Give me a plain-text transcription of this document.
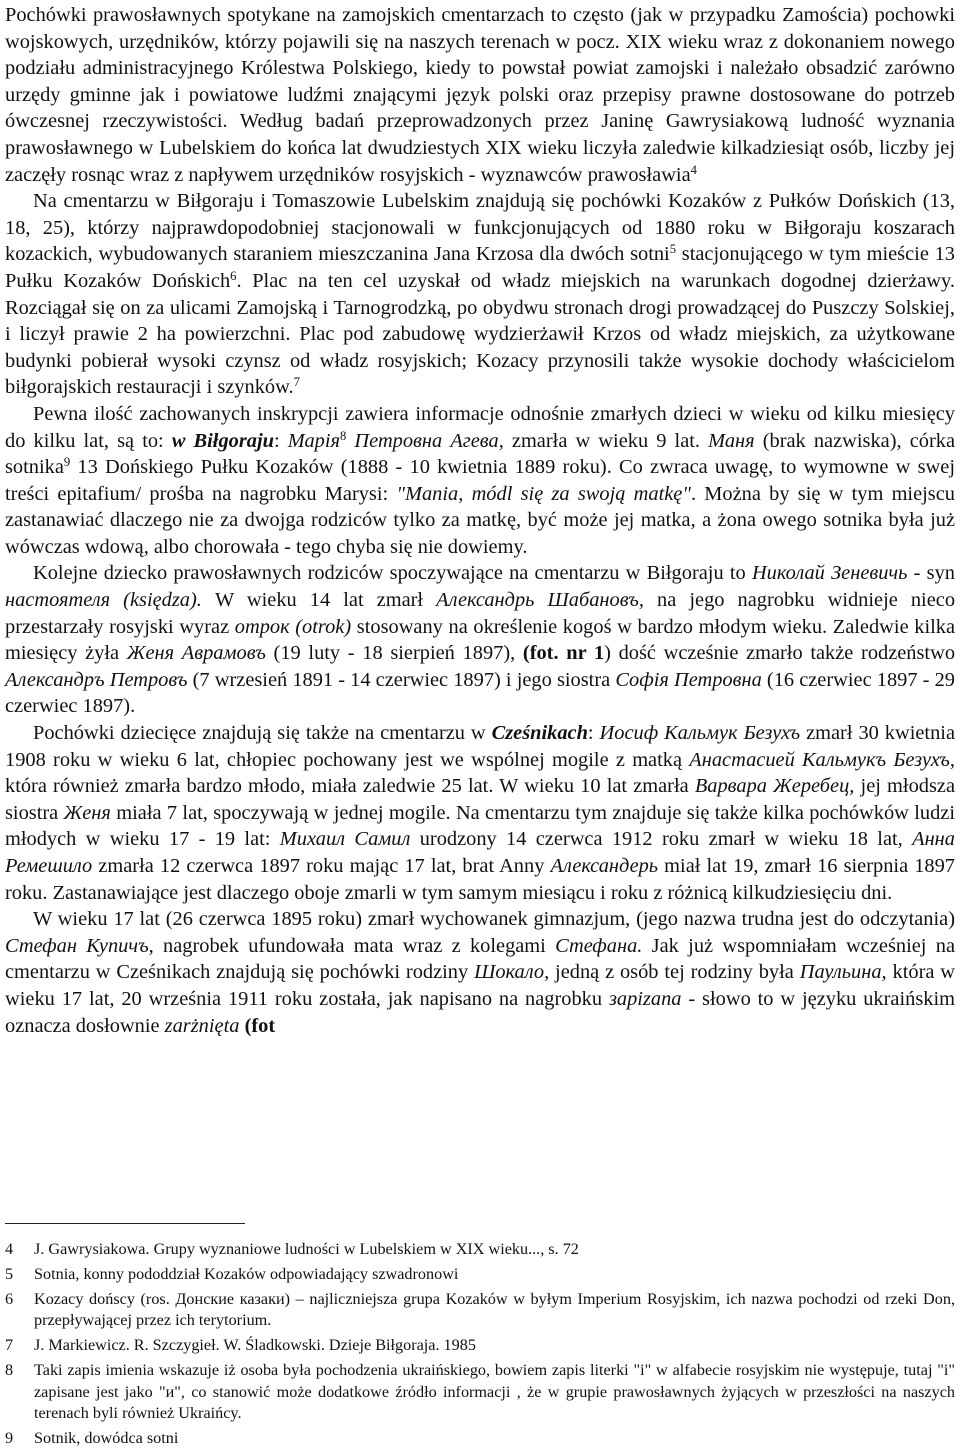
Pochówki prawosławnych spotykane na zamojskich cmentarzach to często (jak w przypadku Zamościa) pochowki wojskowych, urzędników, którzy pojawili się na naszych terenach w pocz. XIX wieku wraz z dokonaniem nowego podziału administracyjnego Królestwa Polskiego, kiedy to powstał powiat zamojski i należało obsadzić zarówno urzędy gminne jak i powiatowe ludźmi znającymi język polski oraz przepisy prawne dostosowane do potrzeb ówczesnej rzeczywistości. Według badań przeprowadzonych przez Janinę Gawrysiakową ludność wyznania prawosławnego w Lubelskiem do końca lat dwudziestych XIX wieku liczyła zaledwie kilkadziesiąt osób, liczby jej zaczęły rosnąc wraz z napływem urzędników rosyjskich - wyznawców prawosławia$^4$

Na cmentarzu w Biłgoraju i Tomaszowie Lubelskim znajdują się pochówki Kozaków z Pułków Dońskich (13, 18, 25), którzy najprawdopodobniej stacjonowali w funkcjonujących od 1880 roku w Biłgoraju koszarach kozackich, wybudowanych staraniem mieszczanina Jana Krzosa dla dwóch sotni$^5$ stacjonującego w tym mieście 13 Pułku Kozaków Dońskich$^6$. Plac na ten cel uzyskał od władz miejskich na warunkach dogodnej dzierżawy. Rozciągał się on za ulicami Zamojską i Tarnogrodzką, po obydwu stronach drogi prowadzącej do Puszczy Solskiej, i liczył prawie 2 ha powierzchni. Plac pod zabudowę wydzierżawił Krzos od władz miejskich, za użytkowane budynki pobierał wysoki czynsz od władz rosyjskich; Kozacy przynosili także wysokie dochody właścicielom biłgorajskich restauracji i szynków.$^7$

Pewna ilość zachowanych inskrypcji zawiera informacje odnośnie zmarłych dzieci w wieku od kilku miesięcy do kilku lat, są to: w Biłgoraju: Марія$^8$ Петровна Агева, zmarła w wieku 9 lat. Маня (brak nazwiska), córka sotnika$^9$ 13 Dońskiego Pułku Kozaków (1888 - 10 kwietnia 1889 roku). Co zwraca uwagę, to wymowne w swej treści epitafium/ prośba na nagrobku Marysi: "Mania, módl się za swoją matkę". Można by się w tym miejscu zastanawiać dlaczego nie za dwojga rodziców tylko za matkę, być może jej matka, a żona owego sotnika była już wówczas wdową, albo chorowała - tego chyba się nie dowiemy.

Kolejne dziecko prawosławnych rodziców spoczywające na cmentarzu w Biłgoraju to Николай Зеневичь - syn настоятеля (księdza). W wieku 14 lat zmarł Александрь Шабановъ, na jego nagrobku widnieje nieco przestarzały rosyjski wyraz отрок (otrok) stosowany na określenie kogoś w bardzo młodym wieku. Zaledwie kilka miesięcy żyła Женя Аврамовъ (19 luty - 18 sierpień 1897), (fot. nr 1) dość wcześnie zmarło także rodzeństwo Александръ Петровъ (7 wrzesień 1891 - 14 czerwiec 1897) i jego siostra Софія Петровна (16 czerwiec 1897 - 29 czerwiec 1897).

Pochówki dziecięce znajdują się także na cmentarzu w Cześnikach: Иосиф Кальмук Безухъ zmarł 30 kwietnia 1908 roku w wieku 6 lat, chłopiec pochowany jest we wspólnej mogile z matką Анастасией Кальмукъ Безухъ, która również zmarła bardzo młodo, miała zaledwie 25 lat. W wieku 10 lat zmarła Варвара Жеребец, jej młodsza siostra Женя miała 7 lat, spoczywają w jednej mogile. Na cmentarzu tym znajduje się także kilka pochówków ludzi młodych w wieku 17 - 19 lat: Михаил Самил urodzony 14 czerwca 1912 roku zmarł w wieku 18 lat, Анна Ремешило zmarła 12 czerwca 1897 roku mając 17 lat, brat Anny Александерь miał lat 19, zmarł 16 sierpnia 1897 roku. Zastanawiające jest dlaczego oboje zmarli w tym samym miesiącu i roku z różnicą kilkudziesięciu dni.

W wieku 17 lat (26 czerwca 1895 roku) zmarł wychowanek gimnazjum, (jego nazwa trudna jest do odczytania) Стефан Купичъ, nagrobek ufundowała mata wraz z kolegami Стефана. Jak już wspomniałam wcześniej na cmentarzu w Cześnikach znajdują się pochówki rodziny Шокало, jedną z osób tej rodziny była Паульина, która w wieku 17 lat, 20 września 1911 roku została, jak napisano na nagrobku зарizana - słowo to w języku ukraińskim oznacza dosłownie zarżnięta (fot

4	J. Gawrysiakowa. Grupy wyznaniowe ludności w Lubelskiem w XIX wieku..., s. 72
5	Sotnia, konny pododdział Kozaków odpowiadający szwadronowi
6	Kozacy dońscy (ros. Донские казаки) – najliczniejsza grupa Kozaków w byłym Imperium Rosyjskim, ich nazwa pochodzi od rzeki Don, przepływającej przez ich terytorium.
7	J. Markiewicz. R. Szczygieł. W. Śladkowski. Dzieje Biłgoraja. 1985
8	Taki zapis imienia wskazuje iż osoba była pochodzenia ukraińskiego, bowiem zapis literki "i" w alfabecie rosyjskim nie występuje, tutaj "i" zapisane jest jako "и", co stanowić może dodatkowe źródło informacji , że w grupie prawosławnych żyjących w przeszłości na naszych terenach byli również Ukraińcy.
9	Sotnik, dowódca sotni
